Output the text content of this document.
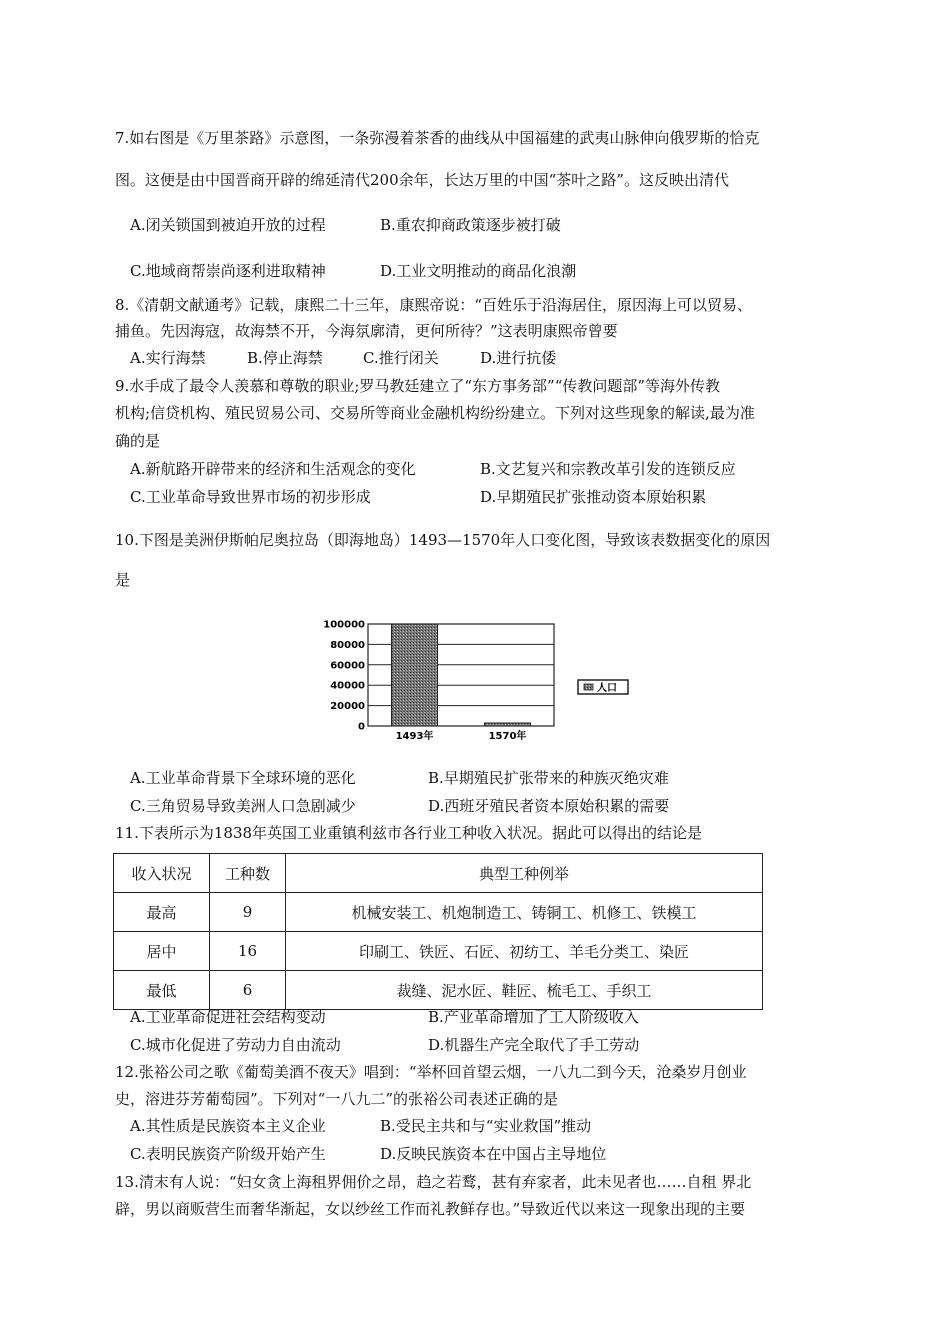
7.如右图是《万里茶路》示意图，一条弥漫着茶香的曲线从中国福建的武夷山脉伸向俄罗斯的恰克
图。这便是由中国晋商开辟的绵延清代200余年，长达万里的中国“茶叶之路”。这反映出清代
A.闭关锁国到被迫开放的过程	B.重农抑商政策逐步被打破
C.地域商帮崇尚逐利进取精神	D.工业文明推动的商品化浪潮
8.《清朝文献通考》记载，康熙二十三年，康熙帝说：“百姓乐于沿海居住，原因海上可以贸易、
捕鱼。先因海寇，故海禁不开，今海氛廓清，更何所待？”这表明康熙帝曾要
A.实行海禁	B.停止海禁	C.推行闭关	D.进行抗倭
9.水手成了最令人羡慕和尊敬的职业;罗马教廷建立了“东方事务部”“传教问题部”等海外传教
机构;信贷机构、殖民贸易公司、交易所等商业金融机构纷纷建立。下列对这些现象的解读,最为准
确的是
A.新航路开辟带来的经济和生活观念的变化	B.文艺复兴和宗教改革引发的连锁反应
C.工业革命导致世界市场的初步形成	D.早期殖民扩张推动资本原始积累
10.下图是美洲伊斯帕尼奥拉岛（即海地岛）1493—1570年人口变化图，导致该表数据变化的原因
是
0
20000
40000
60000
80000
100000
1493年	1570年
人口
A.工业革命背景下全球环境的恶化	B.早期殖民扩张带来的种族灭绝灾难
C.三角贸易导致美洲人口急剧减少	D.西班牙殖民者资本原始积累的需要
11.下表所示为1838年英国工业重镇利兹市各行业工种收入状况。据此可以得出的结论是
收入状况	工种数	典型工种例举
最高	9	机械安装工、机炮制造工、铸铜工、机修工、铁模工
居中	16	印刷工、铁匠、石匠、初纺工、羊毛分类工、染匠
最低	6	裁缝、泥水匠、鞋匠、梳毛工、手织工
A.工业革命促进社会结构变动	B.产业革命增加了工人阶级收入
C.城市化促进了劳动力自由流动	D.机器生产完全取代了手工劳动
12.张裕公司之歌《葡萄美酒不夜天》唱到：“举杯回首望云烟，一八九二到今天，沧桑岁月创业
史，溶进芬芳葡萄园”。下列对“一八九二”的张裕公司表述正确的是
A.其性质是民族资本主义企业	B.受民主共和与“实业救国”推动
C.表明民族资产阶级开始产生	D.反映民族资本在中国占主导地位
13.清末有人说：“妇女贪上海租界佣价之昂，趋之若鹜，甚有弃家者，此未见者也……自租 界北
辟，男以商贩营生而奢华渐起，女以纱丝工作而礼教鲜存也。”导致近代以来这一现象出现的主要
